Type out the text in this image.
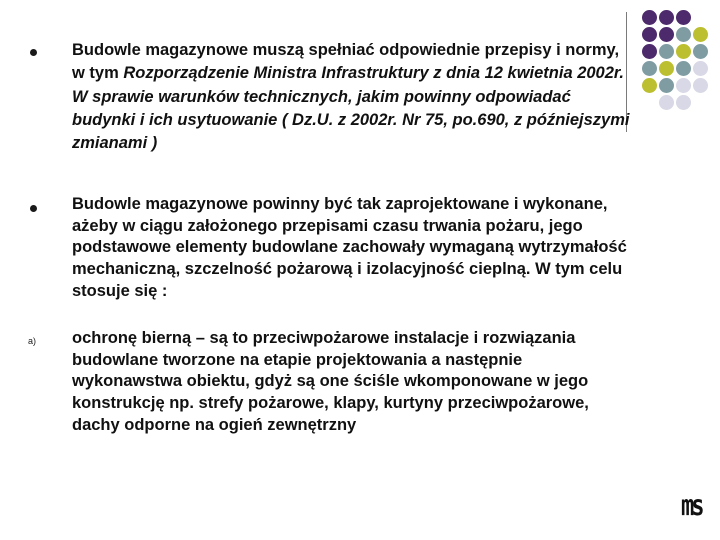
a)
Budowle magazynowe muszą spełniać odpowiednie przepisy i normy, w tym Rozporządzenie Ministra Infrastruktury z dnia 12 kwietnia 2002r. W sprawie warunków technicznych, jakim powinny odpowiadać budynki i ich usytuowanie ( Dz.U. z 2002r. Nr 75, po.690, z późniejszymi zmianami )
Budowle magazynowe powinny być tak zaprojektowane i wykonane, ażeby w ciągu założonego przepisami czasu trwania pożaru, jego podstawowe elementy budowlane zachowały wymaganą wytrzymałość mechaniczną, szczelność pożarową i izolacyjność cieplną. W tym celu stosuje się :
ochronę bierną – są to przeciwpożarowe instalacje i rozwiązania budowlane tworzone na etapie projektowania a następnie wykonawstwa obiektu, gdyż są one ściśle wkomponowane w jego konstrukcję np. strefy pożarowe, klapy, kurtyny przeciwpożarowe, dachy odporne na ogień zewnętrzny
ms
